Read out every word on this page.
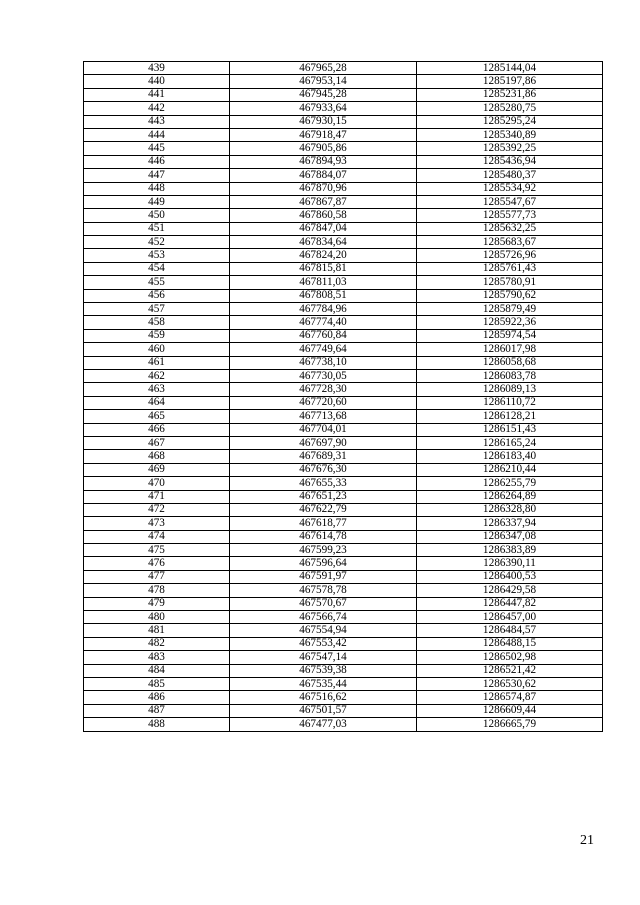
439	467965,28	1285144,04
440	467953,14	1285197,86
441	467945,28	1285231,86
442	467933,64	1285280,75
443	467930,15	1285295,24
444	467918,47	1285340,89
445	467905,86	1285392,25
446	467894,93	1285436,94
447	467884,07	1285480,37
448	467870,96	1285534,92
449	467867,87	1285547,67
450	467860,58	1285577,73
451	467847,04	1285632,25
452	467834,64	1285683,67
453	467824,20	1285726,96
454	467815,81	1285761,43
455	467811,03	1285780,91
456	467808,51	1285790,62
457	467784,96	1285879,49
458	467774,40	1285922,36
459	467760,84	1285974,54
460	467749,64	1286017,98
461	467738,10	1286058,68
462	467730,05	1286083,78
463	467728,30	1286089,13
464	467720,60	1286110,72
465	467713,68	1286128,21
466	467704,01	1286151,43
467	467697,90	1286165,24
468	467689,31	1286183,40
469	467676,30	1286210,44
470	467655,33	1286255,79
471	467651,23	1286264,89
472	467622,79	1286328,80
473	467618,77	1286337,94
474	467614,78	1286347,08
475	467599,23	1286383,89
476	467596,64	1286390,11
477	467591,97	1286400,53
478	467578,78	1286429,58
479	467570,67	1286447,82
480	467566,74	1286457,00
481	467554,94	1286484,57
482	467553,42	1286488,15
483	467547,14	1286502,98
484	467539,38	1286521,42
485	467535,44	1286530,62
486	467516,62	1286574,87
487	467501,57	1286609,44
488	467477,03	1286665,79
21
